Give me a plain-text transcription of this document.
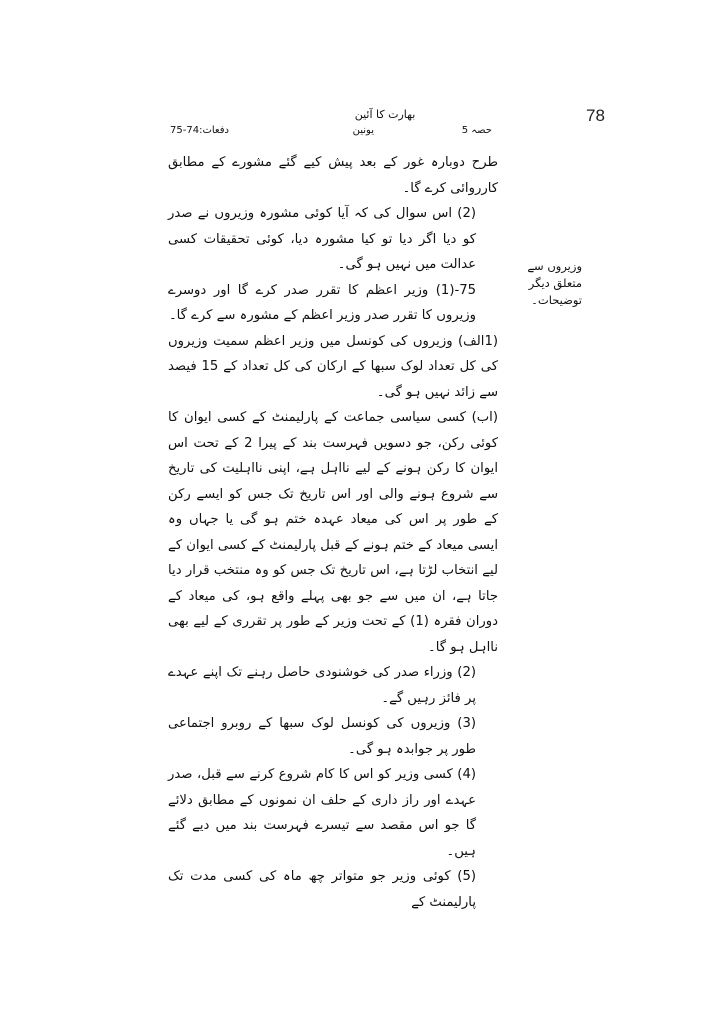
78
بھارت کا آئین
حصہ 5
یونین
دفعات:74-75
وزیروں سے متعلق دیگر توضیحات۔

طرح دوبارہ غور کے بعد پیش کیے گئے مشورے کے مطابق کارروائی کرے گا۔

(2) اس سوال کی کہ آیا کوئی مشورہ وزیروں نے صدر کو دیا اگر دیا تو کیا مشورہ دیا، کوئی تحقیقات کسی عدالت میں نہیں ہو گی۔

75-(1) وزیر اعظم کا تقرر صدر کرے گا اور دوسرے وزیروں کا تقرر صدر وزیر اعظم کے مشورہ سے کرے گا۔

(1الف) وزیروں کی کونسل میں وزیر اعظم سمیت وزیروں کی کل تعداد لوک سبھا کے ارکان کی کل تعداد کے 15 فیصد سے زائد نہیں ہو گی۔

(اب) کسی سیاسی جماعت کے پارلیمنٹ کے کسی ایوان کا کوئی رکن، جو دسویں فہرست بند کے پیرا 2 کے تحت اس ایوان کا رکن ہونے کے لیے نااہل ہے، اپنی نااہلیت کی تاریخ سے شروع ہونے والی اور اس تاریخ تک جس کو ایسے رکن کے طور پر اس کی میعاد عہدہ ختم ہو گی یا جہاں وہ ایسی میعاد کے ختم ہونے کے قبل پارلیمنٹ کے کسی ایوان کے لیے انتخاب لڑتا ہے، اس تاریخ تک جس کو وہ منتخب قرار دیا جاتا ہے، ان میں سے جو بھی پہلے واقع ہو، کی میعاد کے دوران فقرہ (1) کے تحت وزیر کے طور پر تقرری کے لیے بھی نااہل ہو گا۔

(2) وزراء صدر کی خوشنودی حاصل رہنے تک اپنے عہدے پر فائز رہیں گے۔

(3) وزیروں کی کونسل لوک سبھا کے روبرو اجتماعی طور پر جوابدہ ہو گی۔

(4) کسی وزیر کو اس کا کام شروع کرنے سے قبل، صدر عہدے اور راز داری کے حلف ان نمونوں کے مطابق دلائے گا جو اس مقصد سے تیسرے فہرست بند میں دیے گئے ہیں۔

(5) کوئی وزیر جو متواتر چھ ماہ کی کسی مدت تک پارلیمنٹ کے
